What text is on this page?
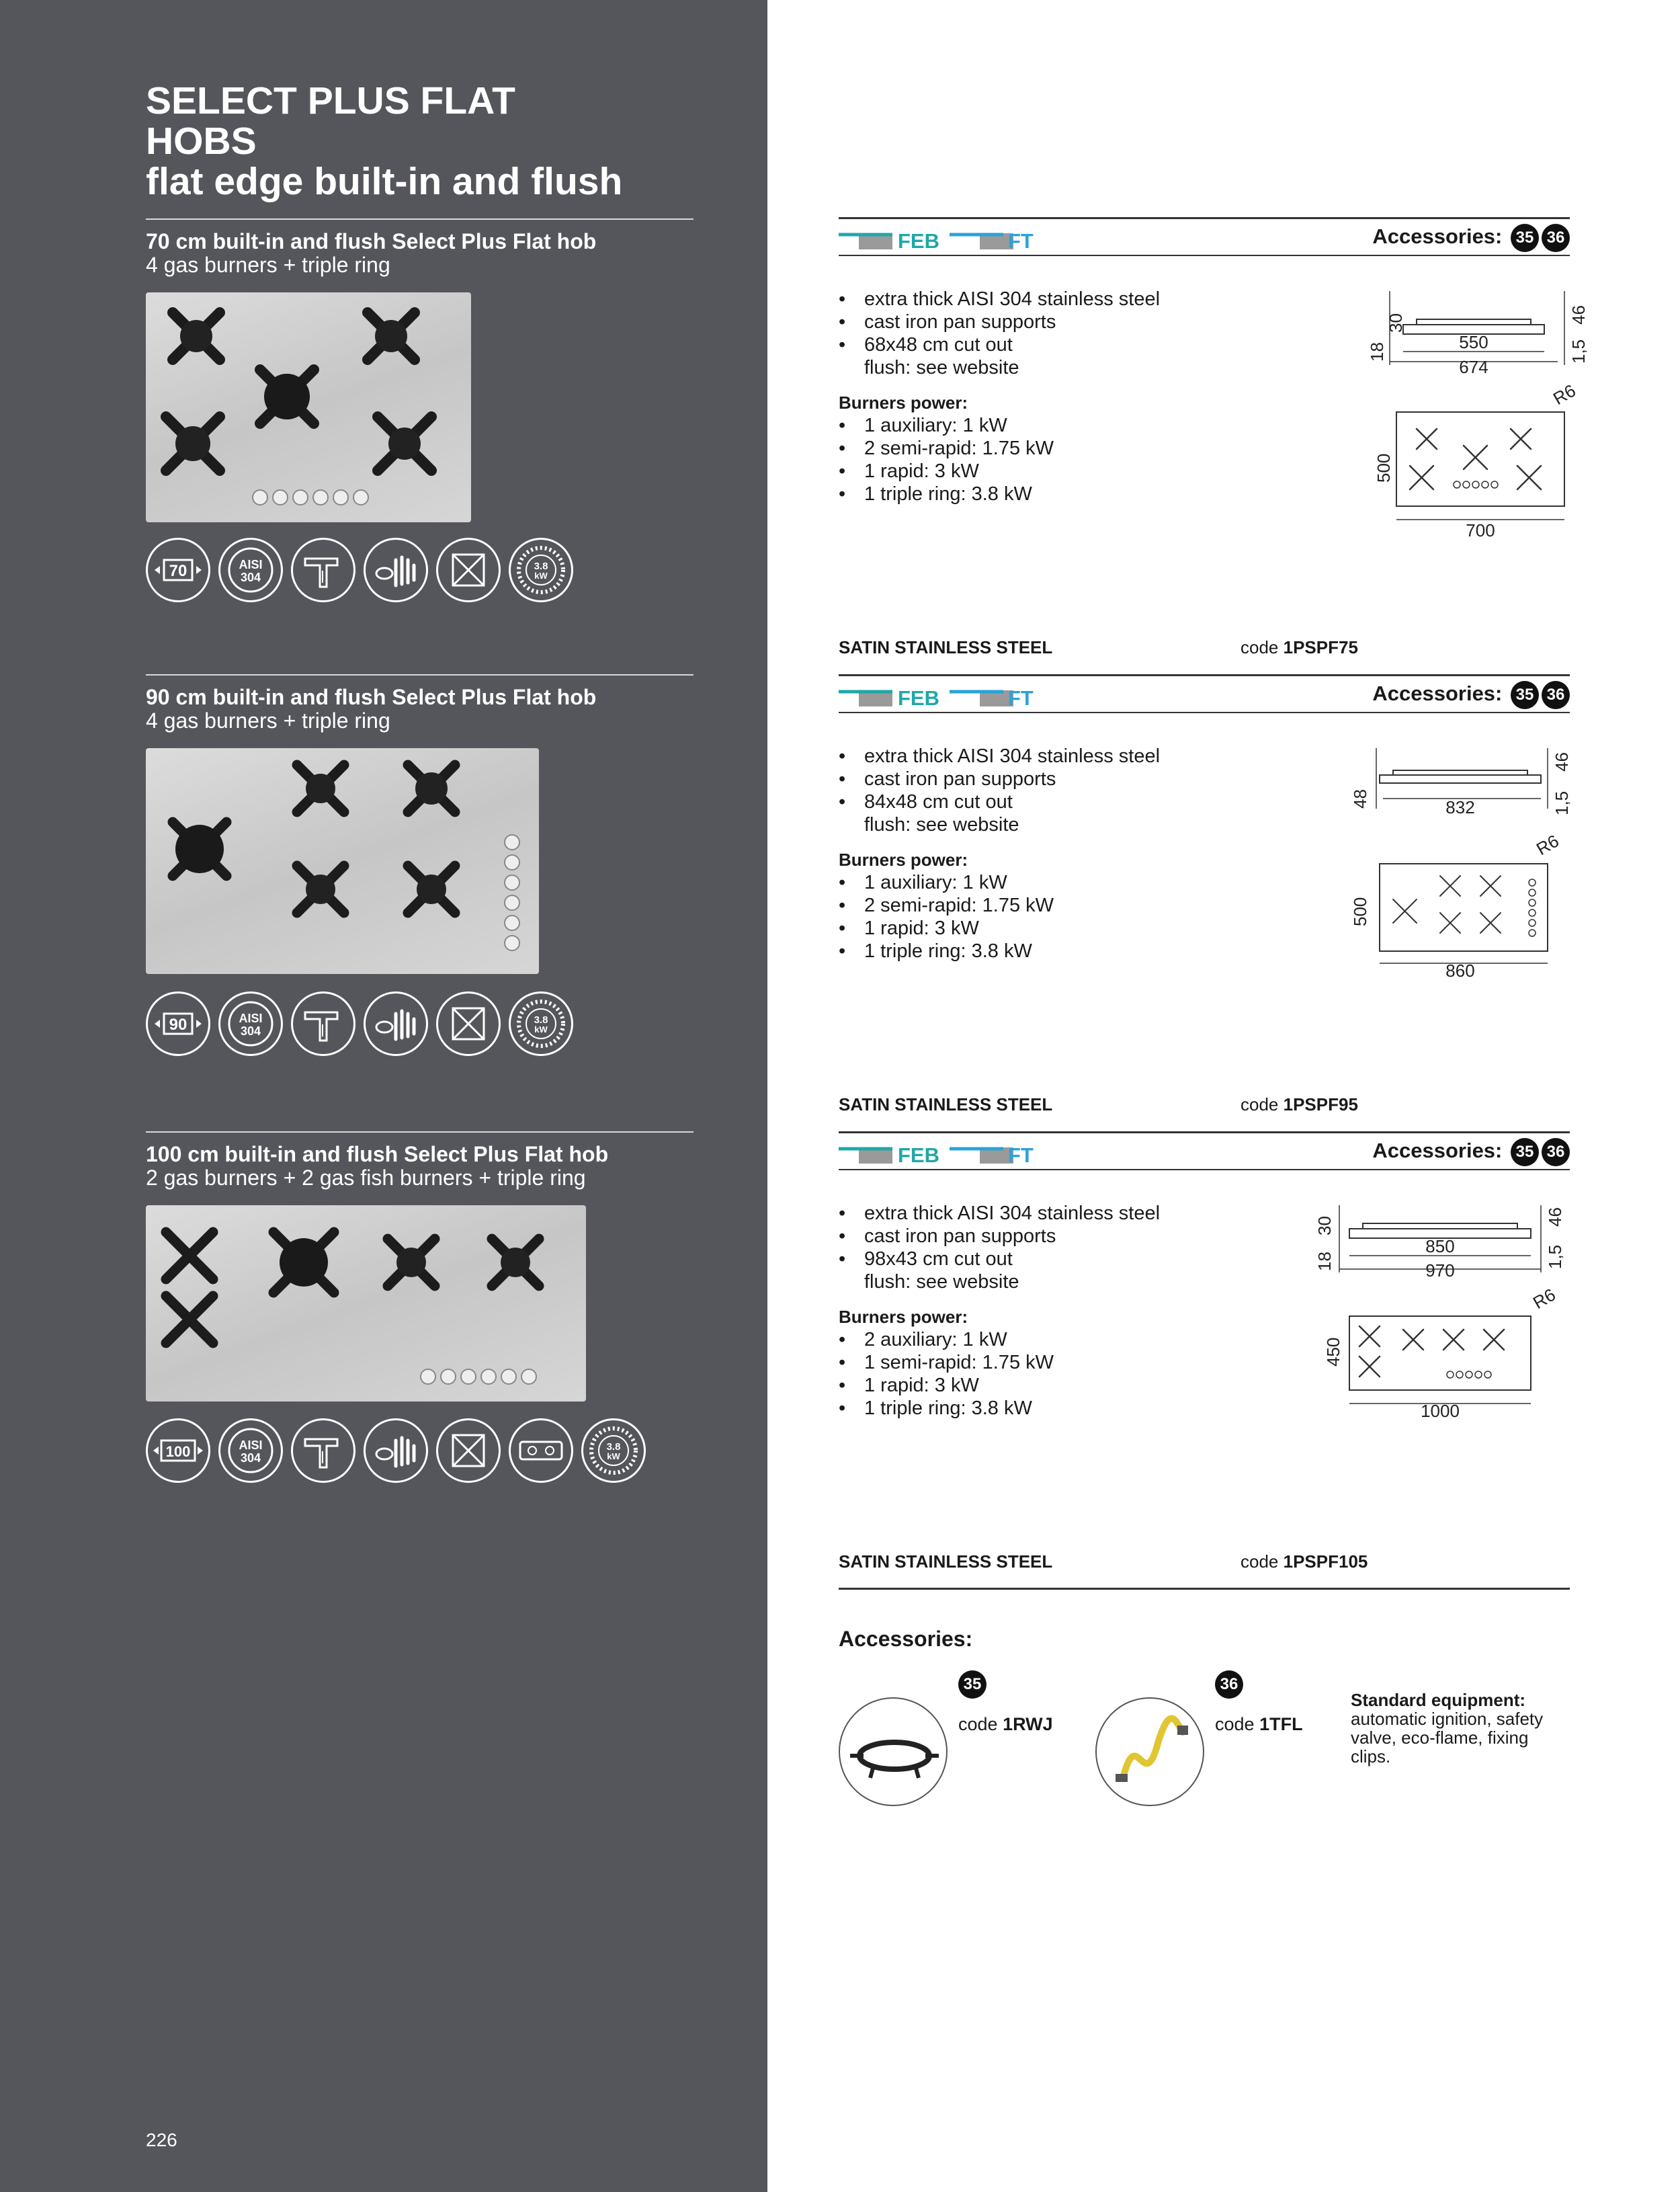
SELECT PLUS FLAT
HOBS
flat edge built-in and flush
70 cm built-in and flush Select Plus Flat hob
4 gas burners + triple ring
70	AISI
304
3.8
kW
90 cm built-in and flush Select Plus Flat hob
4 gas burners + triple ring
90	AISI
304
3.8
kW
100 cm built-in and flush Select Plus Flat hob
2 gas burners + 2 gas fish burners + triple ring
100	AISI
304
3.8
kW
226
FEB	FT	Accessories: 35 36
• extra thick AISI 304 stainless steel
• cast iron pan supports
• 68x48 cm cut out
flush: see website
Burners power:
• 1 auxiliary: 1 kW
• 2 semi-rapid: 1.75 kW
• 1 rapid: 3 kW
• 1 triple ring: 3.8 kW
18
30	46
1,5
550
674
R6
500
700
SATIN STAINLESS STEEL	code 1PSPF75
FEB	FT	Accessories: 35 36
• extra thick AISI 304 stainless steel
• cast iron pan supports
• 84x48 cm cut out
flush: see website
Burners power:
• 1 auxiliary: 1 kW
• 2 semi-rapid: 1.75 kW
• 1 rapid: 3 kW
• 1 triple ring: 3.8 kW
48
46
1,5
832
R6
500
860
SATIN STAINLESS STEEL	code 1PSPF95
FEB	FT	Accessories: 35 36
• extra thick AISI 304 stainless steel
• cast iron pan supports
• 98x43 cm cut out
flush: see website
Burners power:
• 2 auxiliary: 1 kW
• 1 semi-rapid: 1.75 kW
• 1 rapid: 3 kW
• 1 triple ring: 3.8 kW
18
30	46
1,5
850
970
R6
450
1000
SATIN STAINLESS STEEL	code 1PSPF105
Accessories:
35
code 1RWJ
36
code 1TFL
Standard equipment:
automatic ignition, safety valve, eco-flame, fixing clips.
